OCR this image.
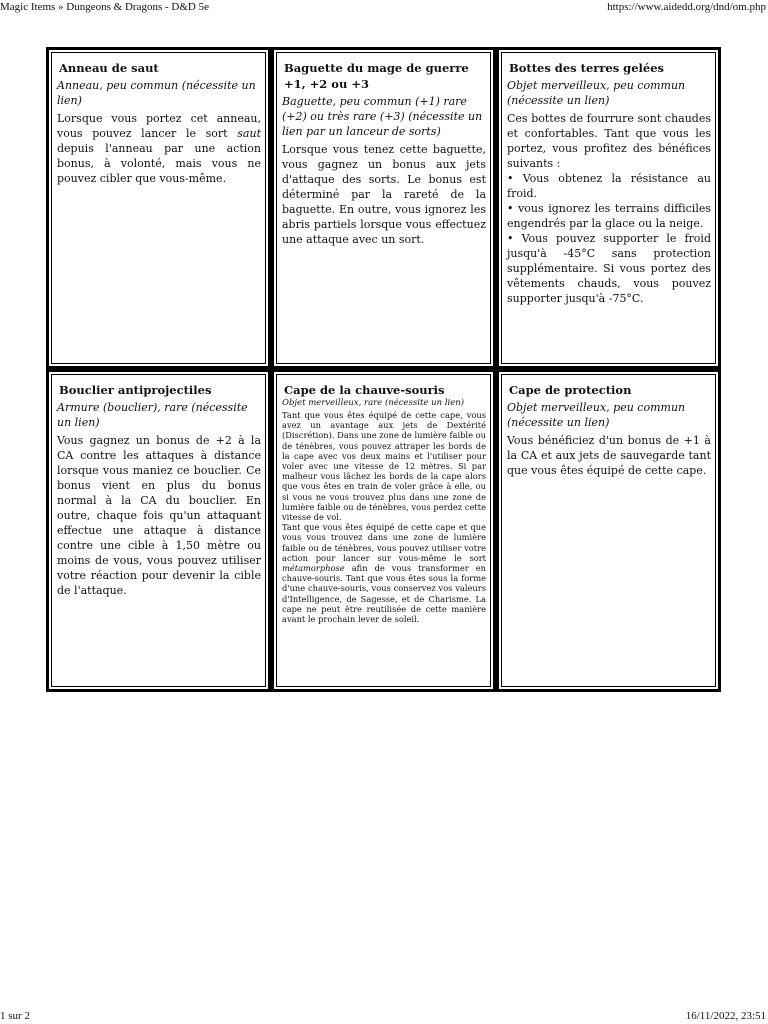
Magic Items » Dungeons & Dragons - D&D 5e	https://www.aidedd.org/dnd/om.php
Anneau de saut
Anneau, peu commun (nécessite un lien)
Lorsque vous portez cet anneau, vous pouvez lancer le sort saut depuis l'anneau par une action bonus, à volonté, mais vous ne pouvez cibler que vous-même.
Baguette du mage de guerre +1, +2 ou +3
Baguette, peu commun (+1) rare (+2) ou très rare (+3) (nécessite un lien par un lanceur de sorts)
Lorsque vous tenez cette baguette, vous gagnez un bonus aux jets d'attaque des sorts. Le bonus est déterminé par la rareté de la baguette. En outre, vous ignorez les abris partiels lorsque vous effectuez une attaque avec un sort.
Bottes des terres gelées
Objet merveilleux, peu commun (nécessite un lien)

Ces bottes de fourrure sont chaudes et confortables. Tant que vous les portez, vous profitez des bénéfices suivants :

• Vous obtenez la résistance au froid.

• vous ignorez les terrains difficiles engendrés par la glace ou la neige.

• Vous pouvez supporter le froid jusqu'à -45°C sans protection supplémentaire. Si vous portez des vêtements chauds, vous pouvez supporter jusqu'à -75°C.

Bouclier antiprojectiles
Armure (bouclier), rare (nécessite un lien)
Vous gagnez un bonus de +2 à la CA contre les attaques à distance lorsque vous maniez ce bouclier. Ce bonus vient en plus du bonus normal à la CA du bouclier. En outre, chaque fois qu'un attaquant effectue une attaque à distance contre une cible à 1,50 mètre ou moins de vous, vous pouvez utiliser votre réaction pour devenir la cible de l'attaque.
Cape de la chauve-souris
Objet merveilleux, rare (nécessite un lien)

Tant que vous êtes équipé de cette cape, vous avez un avantage aux jets de Dextérité (Discrétion). Dans une zone de lumière faible ou de ténèbres, vous pouvez attraper les bords de la cape avec vos deux mains et l'utiliser pour voler avec une vitesse de 12 mètres. Si par malheur vous lâchez les bords de la cape alors que vous êtes en train de voler grâce à elle, ou si vous ne vous trouvez plus dans une zone de lumière faible ou de ténèbres, vous perdez cette vitesse de vol.

Tant que vous êtes équipé de cette cape et que vous vous trouvez dans une zone de lumière faible ou de ténèbres, vous pouvez utiliser votre action pour lancer sur vous-même le sort métamorphose afin de vous transformer en chauve-souris. Tant que vous êtes sous la forme d'une chauve-souris, vous conservez vos valeurs d'Intelligence, de Sagesse, et de Charisme. La cape ne peut être reutilisée de cette manière avant le prochain lever de soleil.

Cape de protection
Objet merveilleux, peu commun (nécessite un lien)
Vous bénéficiez d'un bonus de +1 à la CA et aux jets de sauvegarde tant que vous êtes équipé de cette cape.
1 sur 2	16/11/2022, 23:51
